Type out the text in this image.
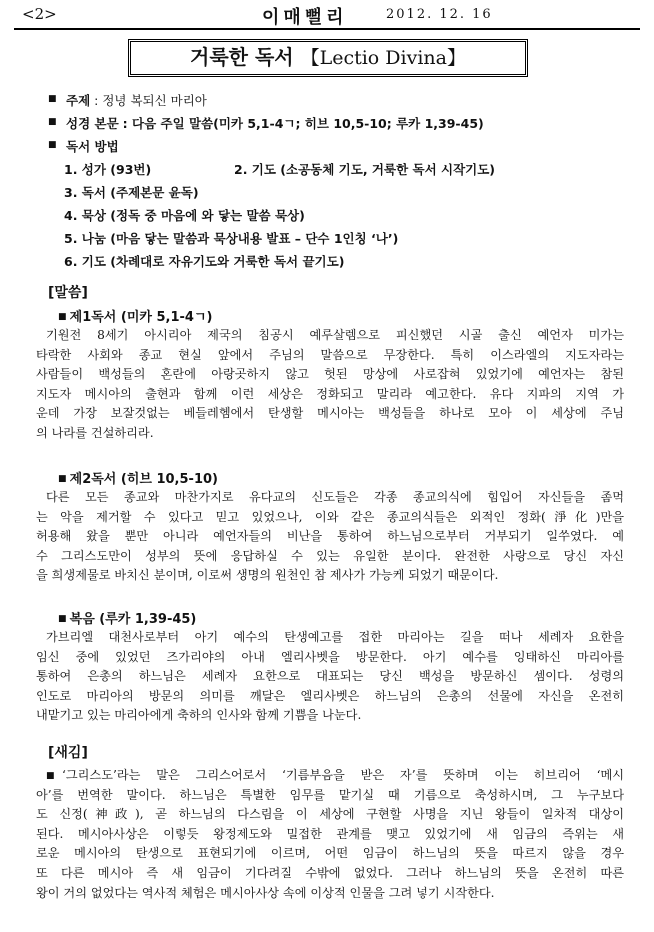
<2>	이매뻘리	2012. 12. 16
거룩한 독서 【Lectio Divina】
■ 주제 : 정녕 복되신 마리아
■ 성경 본문 : 다음 주일 말씀(미카 5,1-4ㄱ; 히브 10,5-10; 루카 1,39-45)
■ 독서 방법
1. 성가 (93번)	2. 기도 (소공동체 기도, 거룩한 독서 시작기도)
3. 독서 (주제본문 윤독)
4. 묵상 (정독 중 마음에 와 닿는 말씀 묵상)
5. 나눔 (마음 닿는 말씀과 묵상내용 발표 – 단수 1인칭 ‘나’)
6. 기도 (차례대로 자유기도와 거룩한 독서 끝기도)
[말씀]
■ 제1독서 (미카 5,1-4ㄱ)
기원전 8세기 아시리아 제국의 침공시 예루살렘으로 피신했던 시골 출신 예언자 미가는
타락한 사회와 종교 현실 앞에서 주님의 말씀으로 무장한다. 특히 이스라엘의 지도자라는
사람들이 백성들의 혼란에 아랑곳하지 않고 헛된 망상에 사로잡혀 있었기에 예언자는 참된
지도자 메시아의 출현과 함께 이런 세상은 정화되고 말리라 예고한다. 유다 지파의 지역 가
운데 가장 보잘것없는 베들레헴에서 탄생할 메시아는 백성들을 하나로 모아 이 세상에 주님
의 나라를 건설하리라.
■ 제2독서 (히브 10,5-10)
다른 모든 종교와 마찬가지로 유다교의 신도들은 각종 종교의식에 힘입어 자신들을 좀먹
는 악을 제거할 수 있다고 믿고 있었으나, 이와 같은 종교의식들은 외적인 정화(淨化)만을
허용해 왔을 뿐만 아니라 예언자들의 비난을 통하여 하느님으로부터 거부되기 일쑤였다. 예
수 그리스도만이 성부의 뜻에 응답하실 수 있는 유일한 분이다. 완전한 사랑으로 당신 자신
을 희생제물로 바치신 분이며, 이로써 생명의 원천인 참 제사가 가능케 되었기 때문이다.
■ 복음 (루카 1,39-45)
가브리엘 대천사로부터 아기 예수의 탄생예고를 접한 마리아는 길을 떠나 세례자 요한을
임신 중에 있었던 즈가리야의 아내 엘리사벳을 방문한다. 아기 예수를 잉태하신 마리아를
통하여 은총의 하느님은 세례자 요한으로 대표되는 당신 백성을 방문하신 셈이다. 성령의
인도로 마리아의 방문의 의미를 깨달은 엘리사벳은 하느님의 은총의 선물에 자신을 온전히
내맡기고 있는 마리아에게 축하의 인사와 함께 기쁨을 나눈다.
[새김]
■ ‘그리스도’라는 말은 그리스어로서 ‘기름부음을 받은 자’를 뜻하며 이는 히브리어 ‘메시
아’를 번역한 말이다. 하느님은 특별한 임무를 맡기실 때 기름으로 축성하시며, 그 누구보다
도 신정(神政), 곧 하느님의 다스림을 이 세상에 구현할 사명을 지닌 왕들이 일차적 대상이
된다. 메시아사상은 이렇듯 왕정제도와 밀접한 관계를 맺고 있었기에 새 임금의 즉위는 새
로운 메시아의 탄생으로 표현되기에 이르며, 어떤 임금이 하느님의 뜻을 따르지 않을 경우
또 다른 메시아 즉 새 임금이 기다려질 수밖에 없었다. 그러나 하느님의 뜻을 온전히 따른
왕이 거의 없었다는 역사적 체험은 메시아사상 속에 이상적 인물을 그려 넣기 시작한다.
